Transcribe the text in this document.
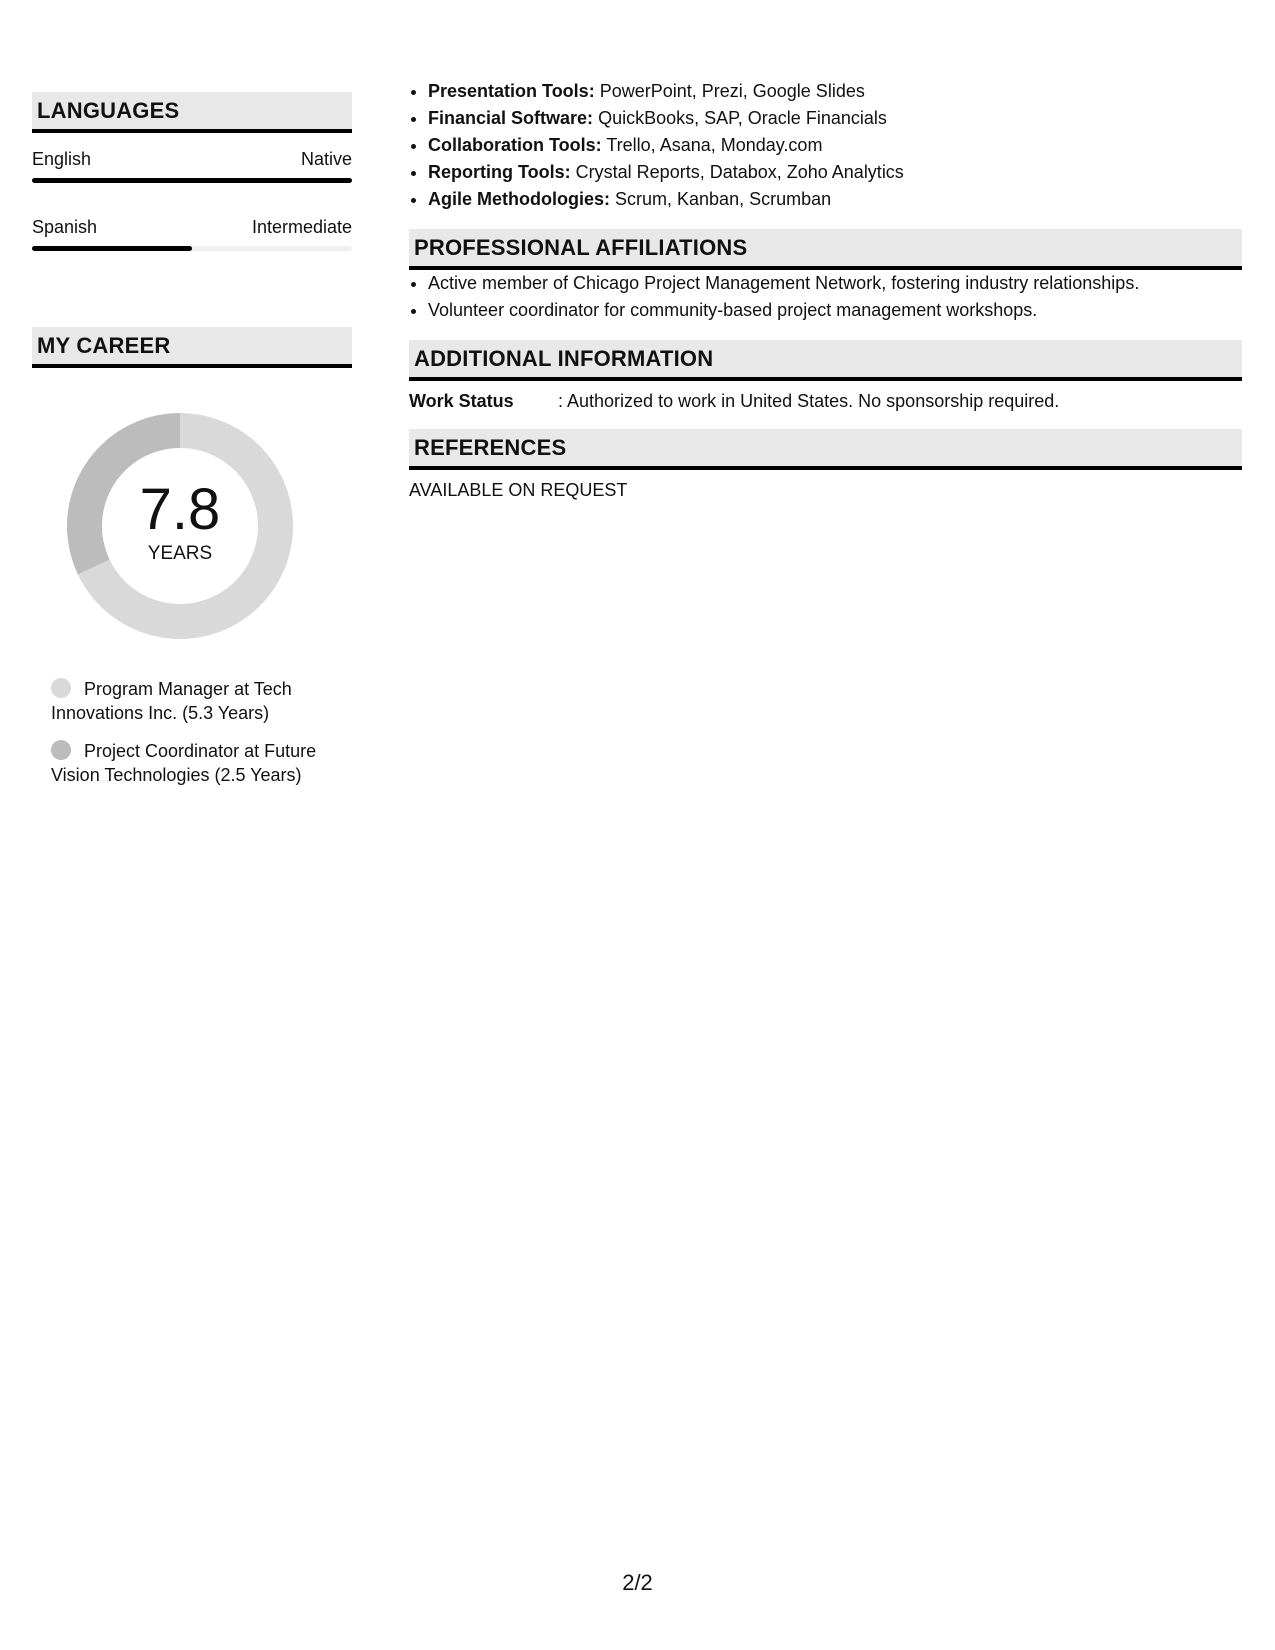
LANGUAGES
English	Native
Spanish	Intermediate
MY CAREER
7.8
YEARS
Program Manager at Tech Innovations Inc. (5.3 Years)
Project Coordinator at Future Vision Technologies (2.5 Years)
• Presentation Tools: PowerPoint, Prezi, Google Slides
• Financial Software: QuickBooks, SAP, Oracle Financials
• Collaboration Tools: Trello, Asana, Monday.com
• Reporting Tools: Crystal Reports, Databox, Zoho Analytics
• Agile Methodologies: Scrum, Kanban, Scrumban
PROFESSIONAL AFFILIATIONS
• Active member of Chicago Project Management Network, fostering industry relationships.
• Volunteer coordinator for community-based project management workshops.
ADDITIONAL INFORMATION
Work Status	: Authorized to work in United States. No sponsorship required.
REFERENCES
AVAILABLE ON REQUEST
2/2
